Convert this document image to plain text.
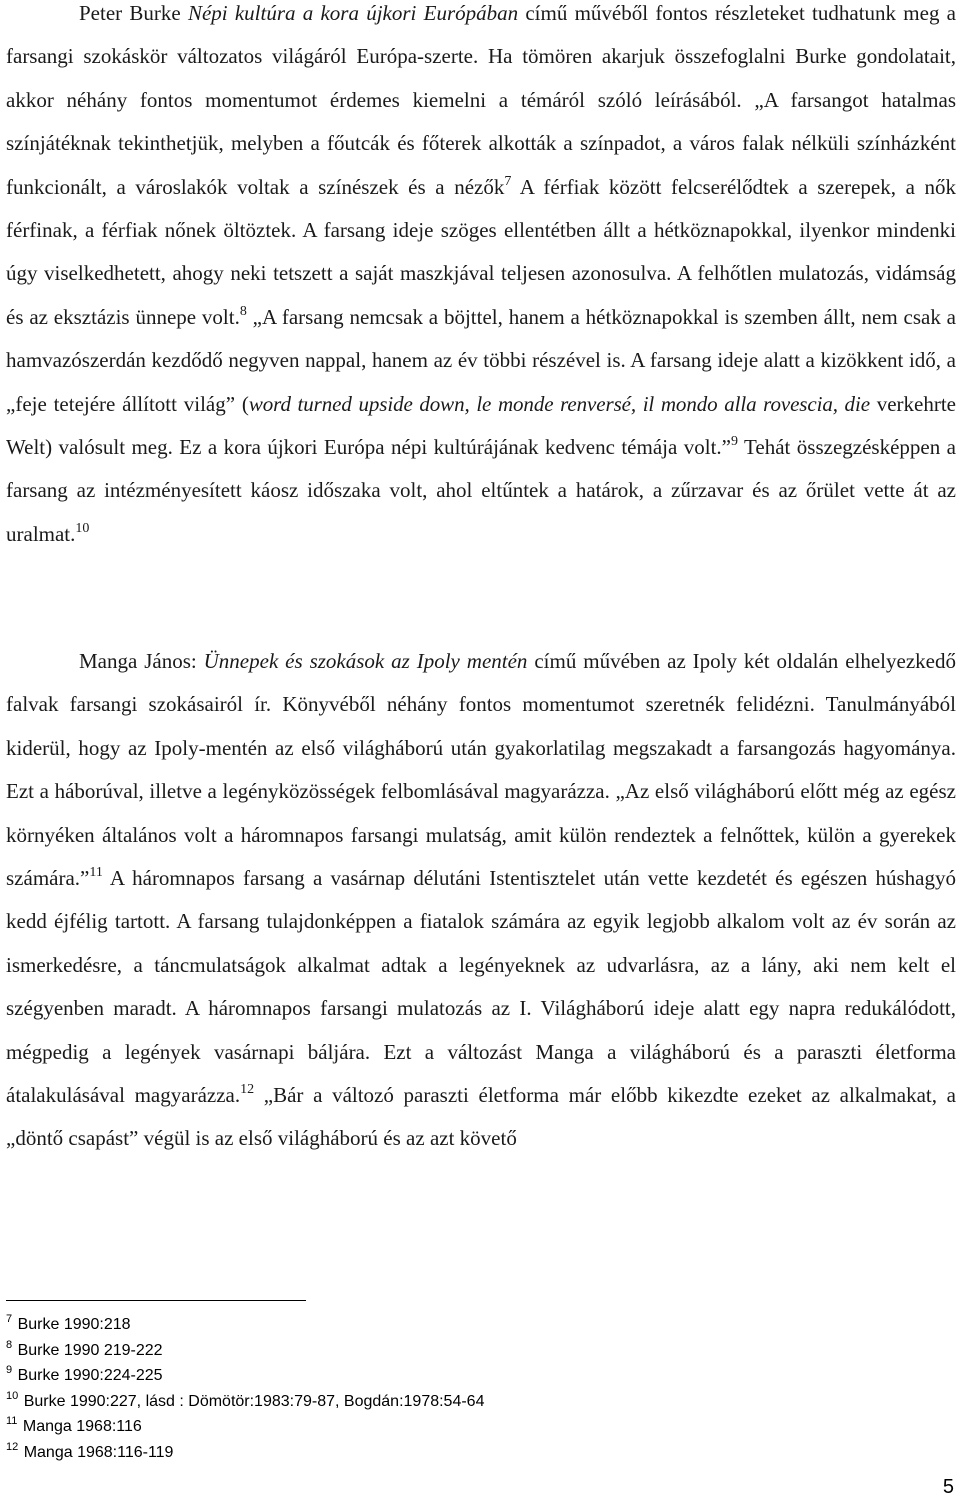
Peter Burke Népi kultúra a kora újkori Európában című művéből fontos részleteket tudhatunk meg a farsangi szokáskör változatos világáról Európa-szerte. Ha tömören akarjuk összefoglalni Burke gondolatait, akkor néhány fontos momentumot érdemes kiemelni a témáról szóló leírásából. „A farsangot hatalmas színjátéknak tekinthetjük, melyben a főutcák és főterek alkották a színpadot, a város falak nélküli színházként funkcionált, a városlakók voltak a színészek és a nézők$^7$ A férfiak között felcserélődtek a szerepek, a nők férfinak, a férfiak nőnek öltöztek. A farsang ideje szöges ellentétben állt a hétköznapokkal, ilyenkor mindenki úgy viselkedhetett, ahogy neki tetszett a saját maszkjával teljesen azonosulva. A felhőtlen mulatozás, vidámság és az eksztázis ünnepe volt.$^8$ „A farsang nemcsak a böjttel, hanem a hétköznapokkal is szemben állt, nem csak a hamvazószerdán kezdődő negyven nappal, hanem az év többi részével is. A farsang ideje alatt a kizökkent idő, a „feje tetejére állított világ” (word turned upside down, le monde renversé, il mondo alla rovescia, die verkehrte Welt) valósult meg. Ez a kora újkori Európa népi kultúrájának kedvenc témája volt.”$^9$ Tehát összegzésképpen a farsang az intézményesített káosz időszaka volt, ahol eltűntek a határok, a zűrzavar és az őrület vette át az uralmat.$^{10}$

Manga János: Ünnepek és szokások az Ipoly mentén című művében az Ipoly két oldalán elhelyezkedő falvak farsangi szokásairól ír. Könyvéből néhány fontos momentumot szeretnék felidézni. Tanulmányából kiderül, hogy az Ipoly-mentén az első világháború után gyakorlatilag megszakadt a farsangozás hagyománya. Ezt a háborúval, illetve a legényközösségek felbomlásával magyarázza. „Az első világháború előtt még az egész környéken általános volt a háromnapos farsangi mulatság, amit külön rendeztek a felnőttek, külön a gyerekek számára.”$^{11}$ A háromnapos farsang a vasárnap délutáni Istentisztelet után vette kezdetét és egészen húshagyó kedd éjfélig tartott. A farsang tulajdonképpen a fiatalok számára az egyik legjobb alkalom volt az év során az ismerkedésre, a táncmulatságok alkalmat adtak a legényeknek az udvarlásra, az a lány, aki nem kelt el szégyenben maradt. A háromnapos farsangi mulatozás az I. Világháború ideje alatt egy napra redukálódott, mégpedig a legények vasárnapi báljára. Ezt a változást Manga a világháború és a paraszti életforma átalakulásával magyarázza.$^{12}$ „Bár a változó paraszti életforma már előbb kikezdte ezeket az alkalmakat, a „döntő csapást” végül is az első világháború és az azt követő

$^7$ Burke 1990:218
$^8$ Burke 1990 219-222
$^9$ Burke 1990:224-225
$^{10}$ Burke 1990:227, lásd : Dömötör:1983:79-87, Bogdán:1978:54-64
$^{11}$ Manga 1968:116
$^{12}$ Manga 1968:116-119
5
